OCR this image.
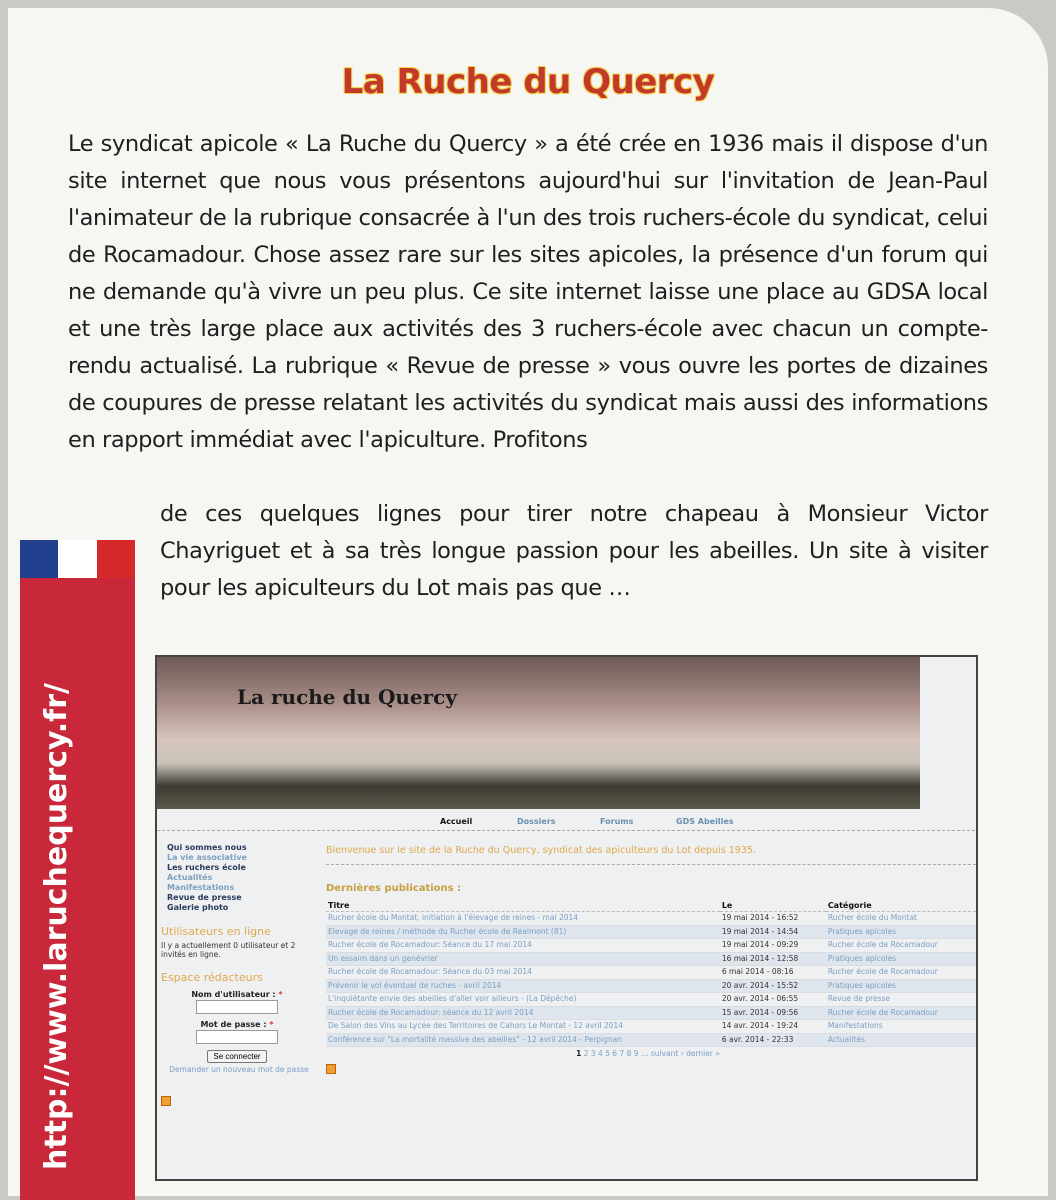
La Ruche du Quercy

Le syndicat apicole « La Ruche du Quercy » a été crée en 1936 mais il dispose d'un site internet que nous vous présentons aujourd'hui sur l'invitation de Jean-Paul l'animateur de la rubrique consacrée à l'un des trois ruchers-école du syndicat, celui de Rocamadour. Chose assez rare sur les sites apicoles, la présence d'un forum qui ne demande qu'à vivre un peu plus. Ce site internet laisse une place au GDSA local et une très large place aux activités des 3 ruchers-école avec chacun un compte-rendu actualisé. La rubrique « Revue de presse » vous ouvre les portes de dizaines de coupures de presse relatant les activités du syndicat mais aussi des informations en rapport immédiat avec l'apiculture. Profitons

de ces quelques lignes pour tirer notre chapeau à Monsieur Victor Chayriguet et à sa très longue passion pour les abeilles. Un site à visiter pour les apiculteurs du Lot mais pas que …

http://www.laruchequercy.fr/	La ruche du Quercy
Accueil	Dossiers	Forums	GDS Abeilles
Qui sommes nous
La vie associative
Les ruchers école
Actualités
Manifestations
Revue de presse
Galerie photo
Utilisateurs en ligne

Il y a actuellement 0 utilisateur et 2 invités en ligne.

Espace rédacteurs
Nom d'utilisateur : *
Mot de passe : *
Se connecter

Demander un nouveau mot de passe

Bienvenue sur le site de la Ruche du Quercy, syndicat des apiculteurs du Lot depuis 1935.
Dernières publications :
Titre	Le	Catégorie
Rucher école du Montat, initiation à l'élevage de reines - mai 2014	19 mai 2014 - 16:52	Rucher école du Montat
Elevage de reines / méthode du Rucher école de Réalmont (81)	19 mai 2014 - 14:54	Pratiques apicoles
Rucher école de Rocamadour: Séance du 17 mai 2014	19 mai 2014 - 09:29	Rucher école de Rocamadour
Un essaim dans un genévrier	16 mai 2014 - 12:58	Pratiques apicoles
Rucher école de Rocamadour: Séance du 03 mai 2014	6 mai 2014 - 08:16	Rucher école de Rocamadour
Prévenir le vol éventuel de ruches - avril 2014	20 avr. 2014 - 15:52	Pratiques apicoles
L'inquiétante envie des abeilles d'aller voir ailleurs - (La Dépêche)	20 avr. 2014 - 06:55	Revue de presse
Rucher école de Rocamadour: séance du 12 avril 2014	15 avr. 2014 - 09:56	Rucher école de Rocamadour
De Salon des Vins au Lycée des Territoires de Cahors Le Montat - 12 avril 2014	14 avr. 2014 - 19:24	Manifestations
Conférence sur "La mortalité massive des abeilles" - 12 avril 2014 - Perpignan	6 avr. 2014 - 22:33	Actualités
1 2 3 4 5 6 7 8 9 … suivant › dernier »
